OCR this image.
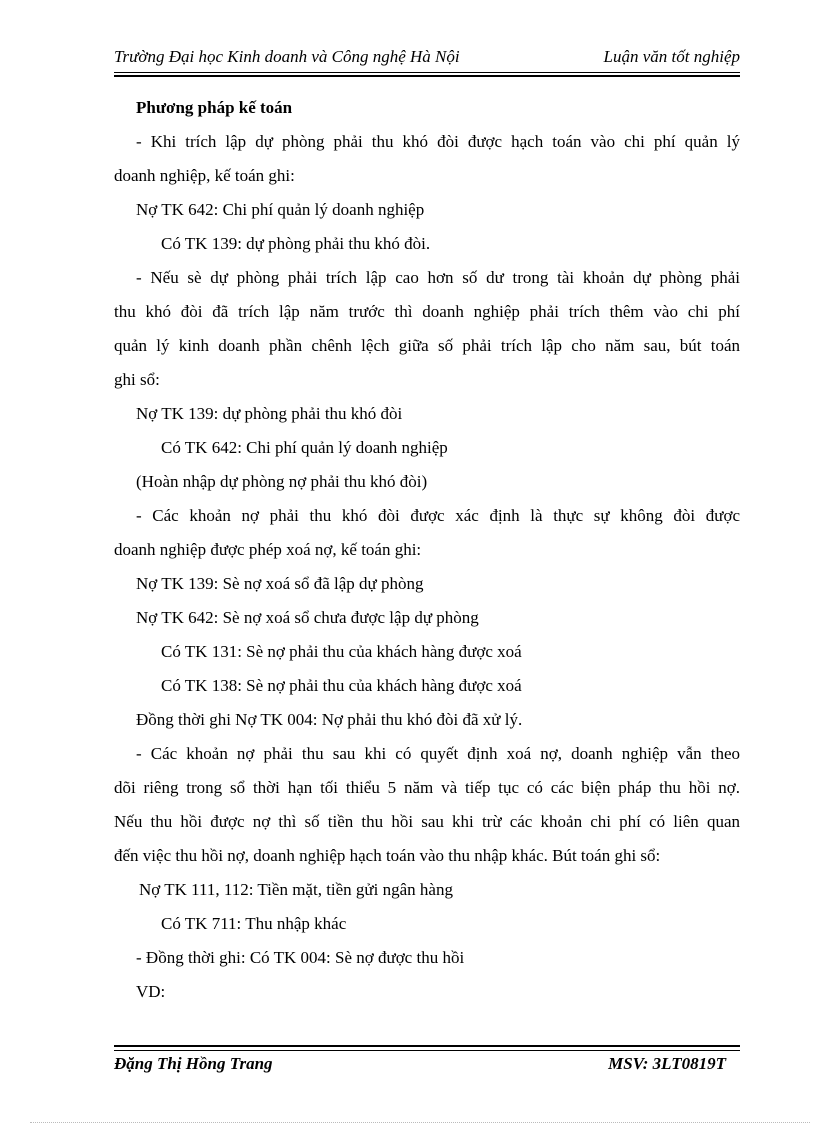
Trường Đại học Kinh doanh và Công nghệ Hà Nội	Luận văn tốt nghiệp
Phương pháp kế toán
- Khi trích lập dự phòng phải thu khó đòi được hạch toán vào chi phí quản lý
doanh nghiệp, kế toán ghi:
Nợ TK 642: Chi phí quản lý doanh nghiệp
Có TK 139: dự phòng phải thu khó đòi.
- Nếu sè dự phòng phải trích lập cao hơn số dư trong tài khoản dự phòng phải
thu khó đòi đã trích lập năm trước thì doanh nghiệp phải trích thêm vào chi phí
quản lý kinh doanh phần chênh lệch giữa số phải trích lập cho năm sau, bút toán
ghi sổ:
Nợ TK 139: dự phòng phải thu khó đòi
Có TK 642: Chi phí quản lý doanh nghiệp
(Hoàn nhập dự phòng nợ phải thu khó đòi)
- Các khoản nợ phải thu khó đòi được xác định là thực sự không đòi được
doanh nghiệp được phép xoá nợ, kế toán ghi:
Nợ TK 139: Sè nợ xoá sổ đã lập dự phòng
Nợ TK 642: Sè nợ xoá sổ chưa được lập dự phòng
Có TK 131: Sè nợ phải thu của khách hàng được xoá
Có TK 138: Sè nợ phải thu của khách hàng được xoá
Đồng thời ghi Nợ TK 004: Nợ phải thu khó đòi đã xử lý.
- Các khoản nợ phải thu sau khi có quyết định xoá nợ, doanh nghiệp vẫn theo
dõi riêng trong sổ thời hạn tối thiểu 5 năm và tiếp tục có các biện pháp thu hồi nợ.
Nếu thu hồi được nợ thì số tiền thu hồi sau khi trừ các khoản chi phí có liên quan
đến việc thu hồi nợ, doanh nghiệp hạch toán vào thu nhập khác. Bút toán ghi sổ:
Nợ TK 111, 112: Tiền mặt, tiền gửi ngân hàng
Có TK 711: Thu nhập khác
- Đồng thời ghi: Có TK 004: Sè nợ được thu hồi
VD:
Đặng Thị Hồng Trang	MSV: 3LT0819T
